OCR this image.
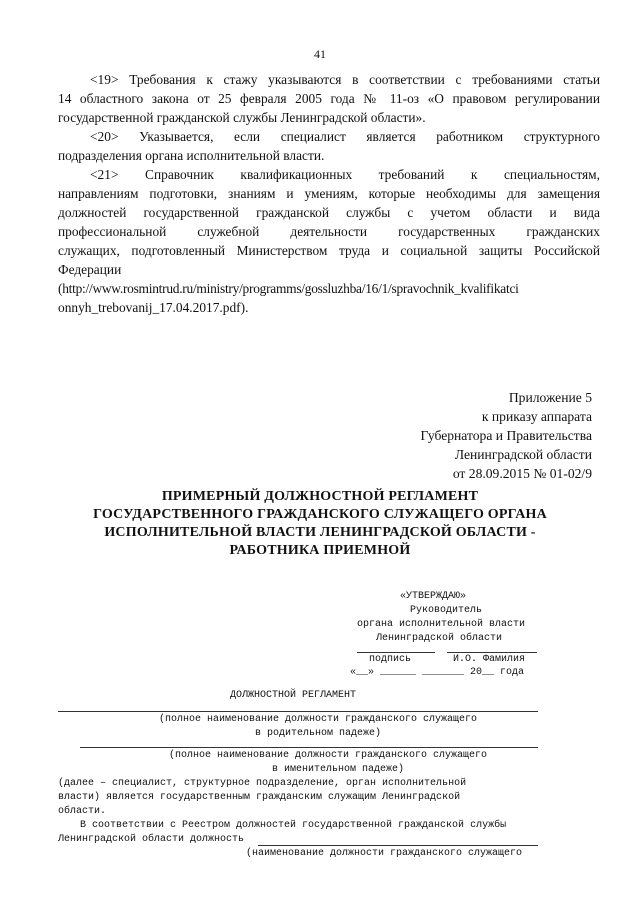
41

<19> Требования к стажу указываются в соответствии с требованиями статьи

14 областного закона от 25 февраля 2005 года № 11-оз «О правовом регулировании

государственной гражданской службы Ленинградской области».

<20> Указывается, если специалист является работником структурного

подразделения органа исполнительной власти.

<21> Справочник квалификационных требований к специальностям,

направлениям подготовки, знаниям и умениям, которые необходимы для замещения

должностей государственной гражданской службы с учетом области и вида

профессиональной служебной деятельности государственных гражданских

служащих, подготовленный Министерством труда и социальной защиты Российской

Федерации

(http://www.rosmintrud.ru/ministry/programms/gossluzhba/16/1/spravochnik_kvalifikatci

onnyh_trebovanij_17.04.2017.pdf).

Приложение 5
к приказу аппарата
Губернатора и Правительства
Ленинградской области
от 28.09.2015 № 01-02/9
ПРИМЕРНЫЙ ДОЛЖНОСТНОЙ РЕГЛАМЕНТ
ГОСУДАРСТВЕННОГО ГРАЖДАНСКОГО СЛУЖАЩЕГО ОРГАНА
ИСПОЛНИТЕЛЬНОЙ ВЛАСТИ ЛЕНИНГРАДСКОЙ ОБЛАСТИ -
РАБОТНИКА ПРИЕМНОЙ
«УТВЕРЖДАЮ»
Руководитель
органа исполнительной власти
Ленинградской области
подпись	И.О. Фамилия
«__» ______ _______ 20__ года
ДОЛЖНОСТНОЙ РЕГЛАМЕНТ
(полное наименование должности гражданского служащего
в родительном падеже)
(полное наименование должности гражданского служащего
в именительном падеже)
(далее – специалист, структурное подразделение, орган исполнительной
власти) является государственным гражданским служащим Ленинградской
области.
В соответствии с Реестром должностей государственной гражданской службы
Ленинградской области должность
(наименование должности гражданского служащего
